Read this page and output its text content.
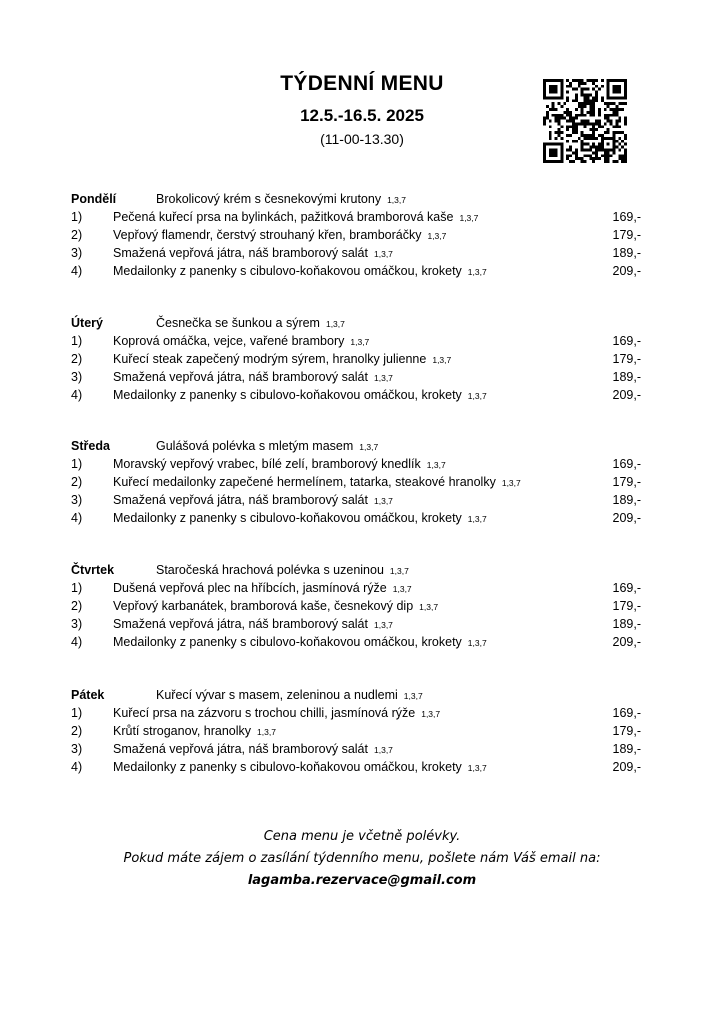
TÝDENNÍ MENU
12.5.-16.5. 2025
(11-00-13.30)
Pondělí	Brokolicový krém s česnekovými krutony 1,3,7
1) Pečená kuřecí prsa na bylinkách, pažitková bramborová kaše 1,3,7	169,-
2) Vepřový flamendr, čerstvý strouhaný křen, bramboráčky 1,3,7	179,-
3) Smažená vepřová játra, náš bramborový salát 1,3,7	189,-
4) Medailonky z panenky s cibulovo-koňakovou omáčkou, krokety 1,3,7	209,-
Úterý	Česnečka se šunkou a sýrem 1,3,7
1) Koprová omáčka, vejce, vařené brambory 1,3,7	169,-
2) Kuřecí steak zapečený modrým sýrem, hranolky julienne 1,3,7	179,-
3) Smažená vepřová játra, náš bramborový salát 1,3,7	189,-
4) Medailonky z panenky s cibulovo-koňakovou omáčkou, krokety 1,3,7	209,-
Středa	Gulášová polévka s mletým masem 1,3,7
1) Moravský vepřový vrabec, bílé zelí, bramborový knedlík 1,3,7	169,-
2) Kuřecí medailonky zapečené hermelínem, tatarka, steakové hranolky 1,3,7	179,-
3) Smažená vepřová játra, náš bramborový salát 1,3,7	189,-
4) Medailonky z panenky s cibulovo-koňakovou omáčkou, krokety 1,3,7	209,-
Čtvrtek	Staročeská hrachová polévka s uzeninou 1,3,7
1) Dušená vepřová plec na hříbcích, jasmínová rýže 1,3,7	169,-
2) Vepřový karbanátek, bramborová kaše, česnekový dip 1,3,7	179,-
3) Smažená vepřová játra, náš bramborový salát 1,3,7	189,-
4) Medailonky z panenky s cibulovo-koňakovou omáčkou, krokety 1,3,7	209,-
Pátek	Kuřecí vývar s masem, zeleninou a nudlemi 1,3,7
1) Kuřecí prsa na zázvoru s trochou chilli, jasmínová rýže 1,3,7	169,-
2) Krůtí stroganov, hranolky 1,3,7	179,-
3) Smažená vepřová játra, náš bramborový salát 1,3,7	189,-
4) Medailonky z panenky s cibulovo-koňakovou omáčkou, krokety 1,3,7	209,-
Cena menu je včetně polévky.
Pokud máte zájem o zasílání týdenního menu, pošlete nám Váš email na:
lagamba.rezervace@gmail.com
